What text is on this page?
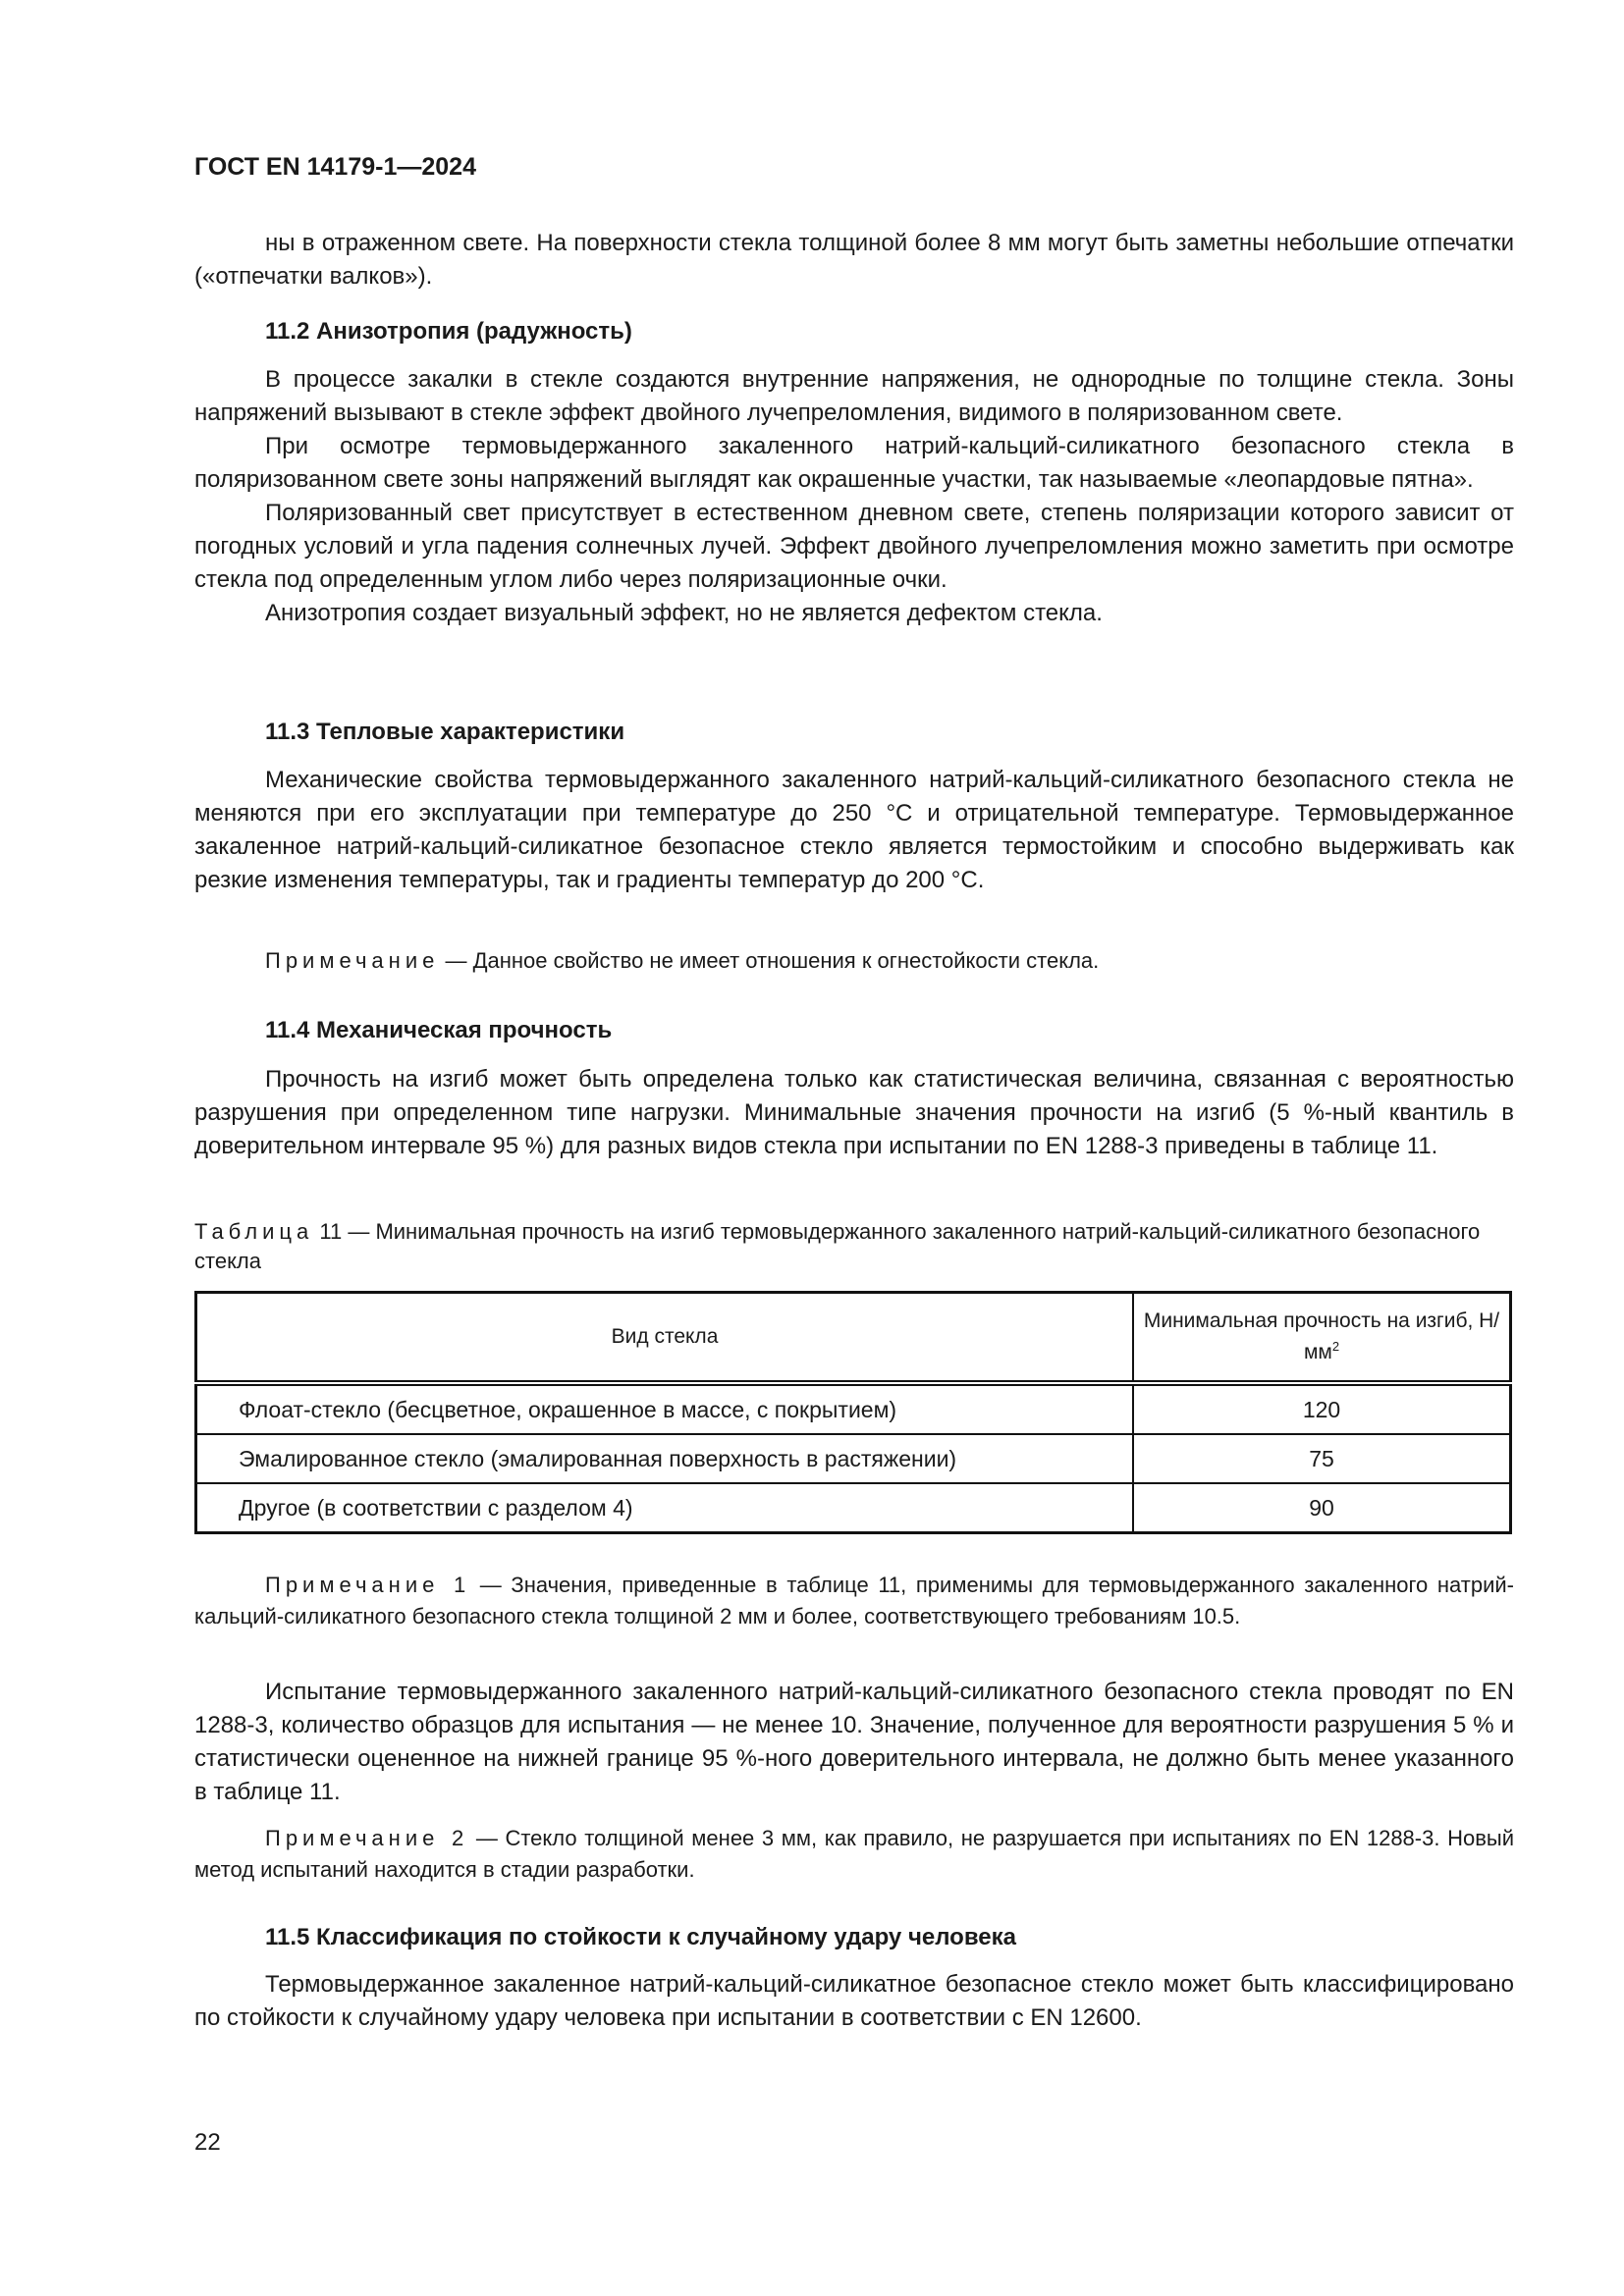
ГОСТ EN 14179-1—2024

ны в отраженном свете. На поверхности стекла толщиной более 8 мм могут быть заметны небольшие отпечатки («отпечатки валков»).

11.2 Анизотропия (радужность)

В процессе закалки в стекле создаются внутренние напряжения, не однородные по толщине стекла. Зоны напряжений вызывают в стекле эффект двойного лучепреломления, видимого в поляризованном свете.

При осмотре термовыдержанного закаленного натрий-кальций-силикатного безопасного стекла в поляризованном свете зоны напряжений выглядят как окрашенные участки, так называемые «леопардовые пятна».

Поляризованный свет присутствует в естественном дневном свете, степень поляризации которого зависит от погодных условий и угла падения солнечных лучей. Эффект двойного лучепреломления можно заметить при осмотре стекла под определенным углом либо через поляризационные очки.

Анизотропия создает визуальный эффект, но не является дефектом стекла.

11.3 Тепловые характеристики

Механические свойства термовыдержанного закаленного натрий-кальций-силикатного безопасного стекла не меняются при его эксплуатации при температуре до 250 °С и отрицательной температуре. Термовыдержанное закаленное натрий-кальций-силикатное безопасное стекло является термостойким и способно выдерживать как резкие изменения температуры, так и градиенты температур до 200 °С.

Примечание — Данное свойство не имеет отношения к огнестойкости стекла.

11.4 Механическая прочность

Прочность на изгиб может быть определена только как статистическая величина, связанная с вероятностью разрушения при определенном типе нагрузки. Минимальные значения прочности на изгиб (5 %-ный квантиль в доверительном интервале 95 %) для разных видов стекла при испытании по EN 1288-3 приведены в таблице 11.

Таблица 11 — Минимальная прочность на изгиб термовыдержанного закаленного натрий-кальций-силикатного безопасного стекла
Вид стекла	Минимальная прочность на изгиб, $Н/мм^2$
Флоат-стекло (бесцветное, окрашенное в массе, с покрытием)	120
Эмалированное стекло (эмалированная поверхность в растяжении)	75
Другое (в соответствии с разделом 4)	90

Примечание 1 — Значения, приведенные в таблице 11, применимы для термовыдержанного закаленного натрий-кальций-силикатного безопасного стекла толщиной 2 мм и более, соответствующего требованиям 10.5.

Испытание термовыдержанного закаленного натрий-кальций-силикатного безопасного стекла проводят по EN 1288-3, количество образцов для испытания — не менее 10. Значение, полученное для вероятности разрушения 5 % и статистически оцененное на нижней границе 95 %-ного доверительного интервала, не должно быть менее указанного в таблице 11.

Примечание 2 — Стекло толщиной менее 3 мм, как правило, не разрушается при испытаниях по EN 1288-3. Новый метод испытаний находится в стадии разработки.

11.5 Классификация по стойкости к случайному удару человека

Термовыдержанное закаленное натрий-кальций-силикатное безопасное стекло может быть классифицировано по стойкости к случайному удару человека при испытании в соответствии с EN 12600.

22
